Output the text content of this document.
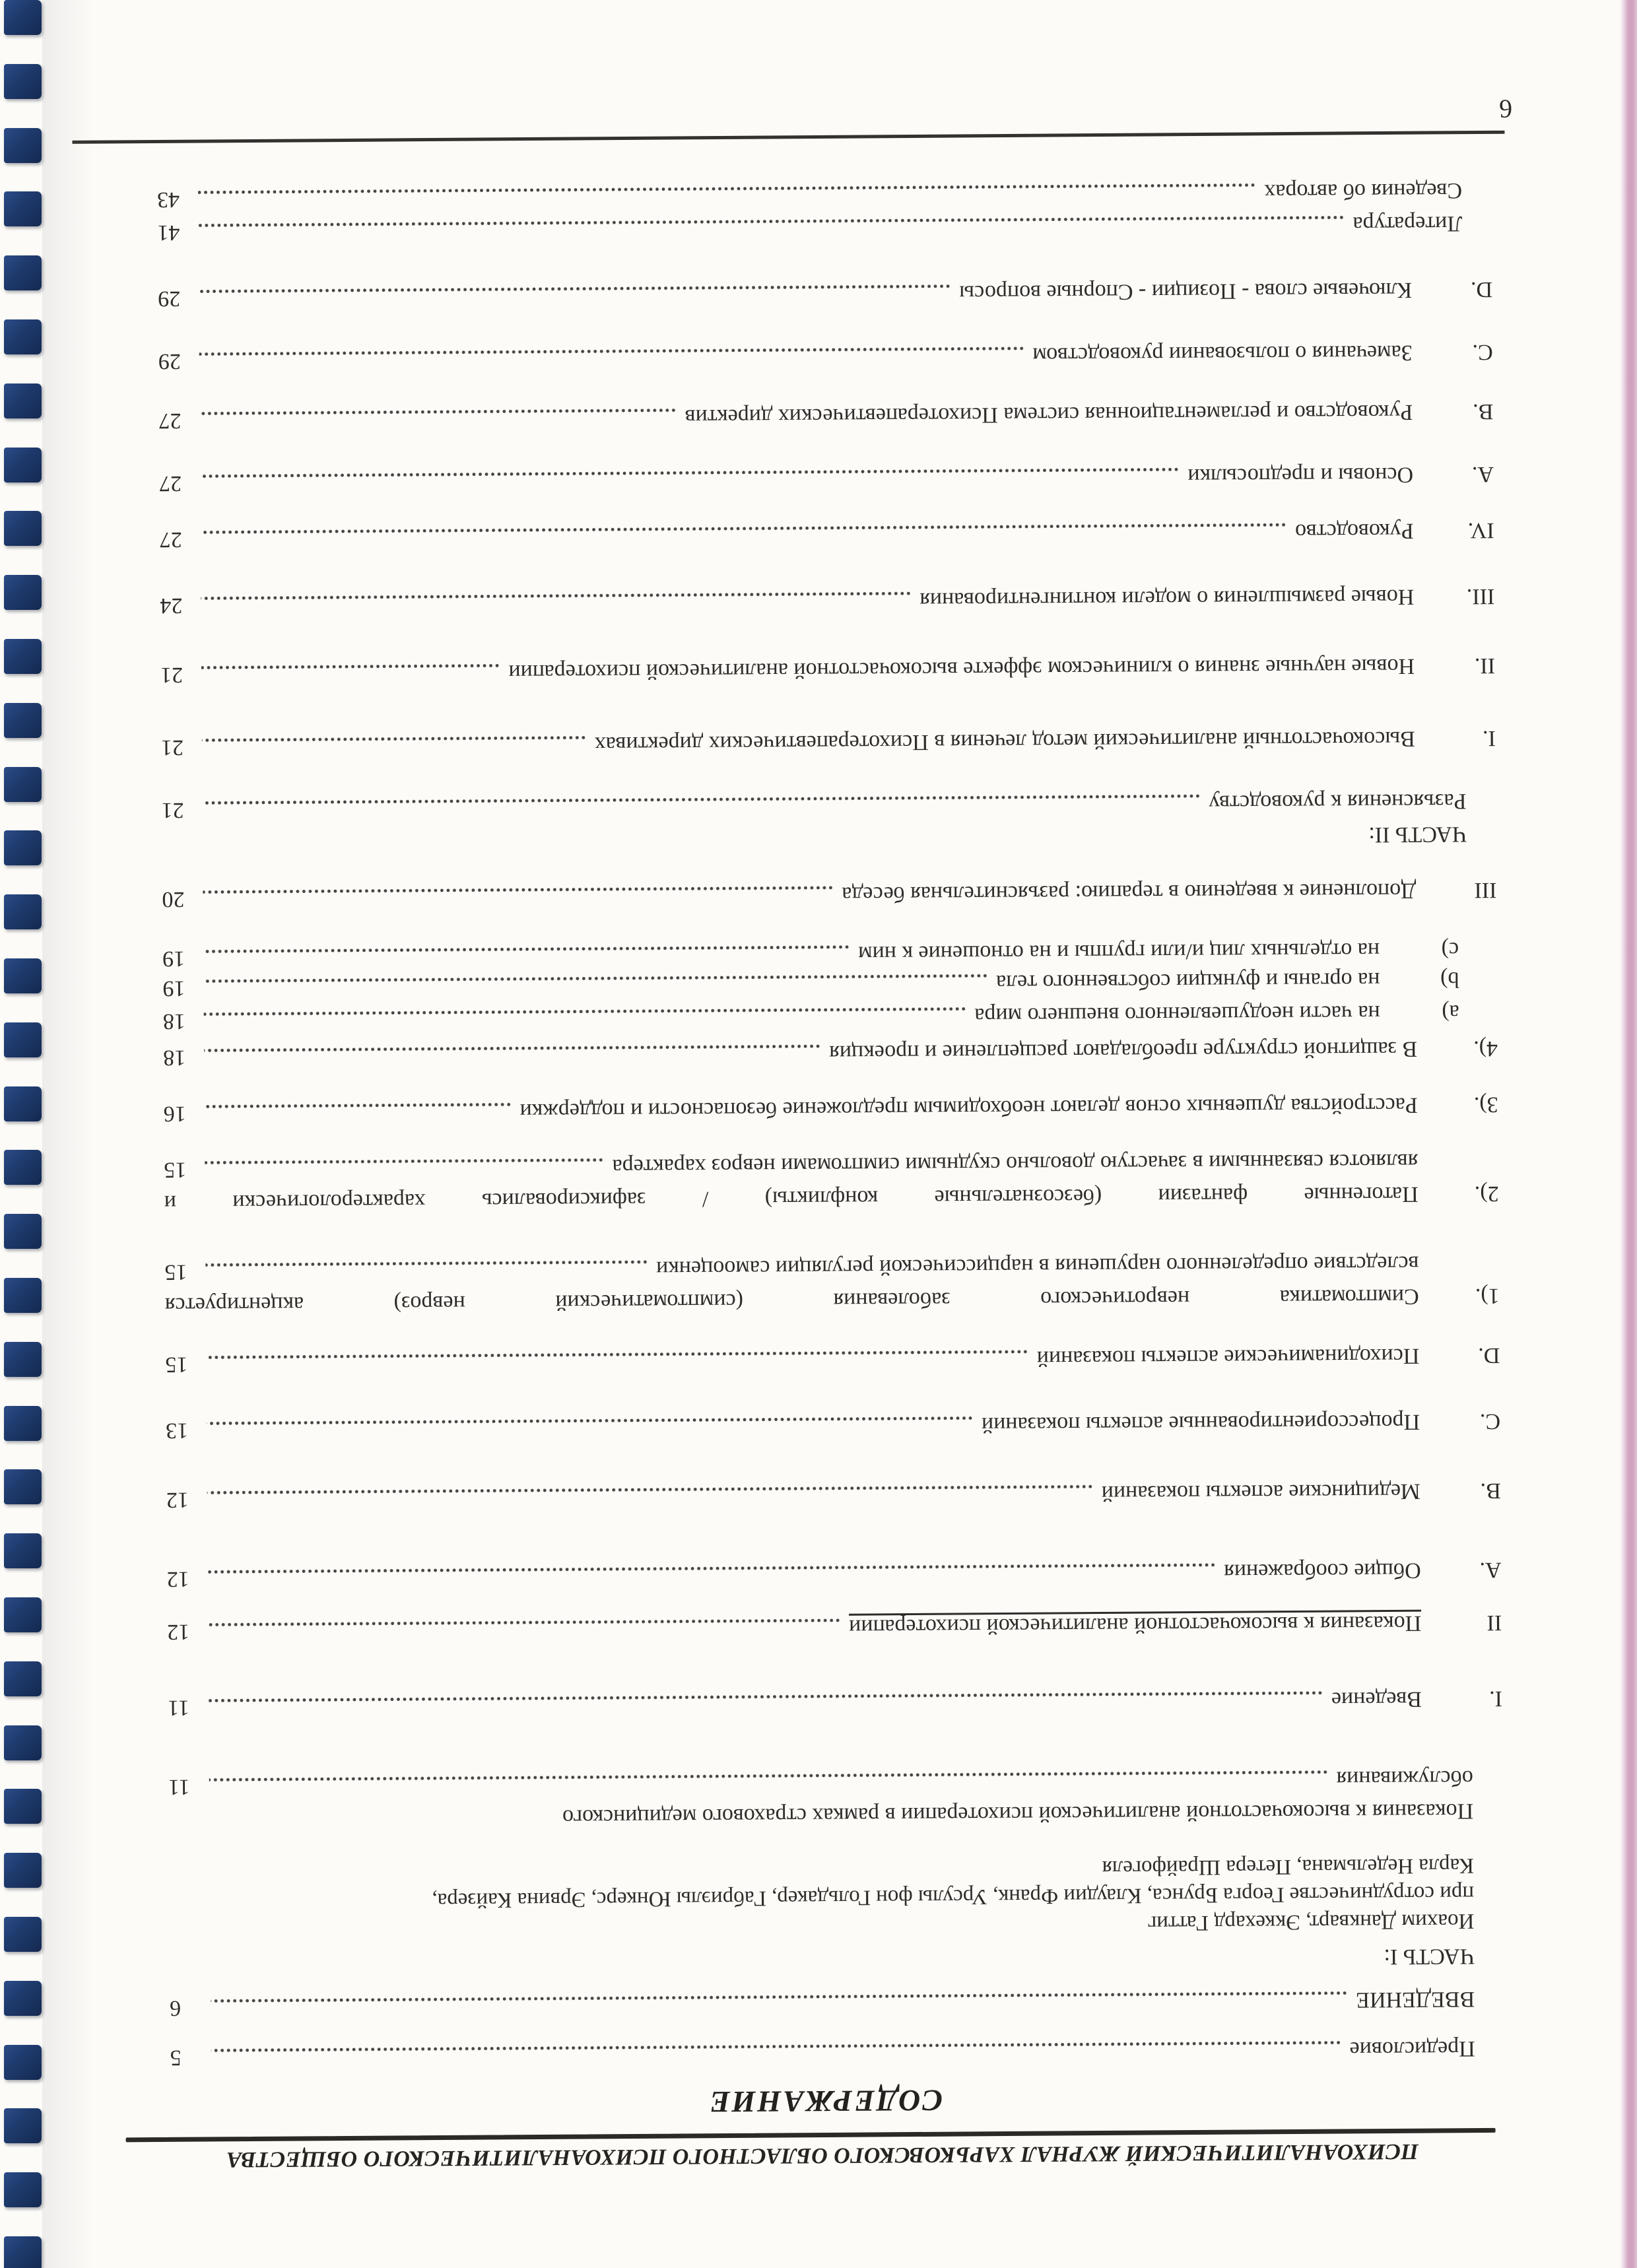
ПСИХОАНАЛИТИЧЕСКИЙ ЖУРНАЛ ХАРЬКОВСКОГО ОБЛАСТНОГО ПСИХОАНАЛИТИЧЕСКОГО ОБЩЕСТВА
СОДЕРЖАНИЕ
Предисловие
5
ВВЕДЕНИЕ
6
ЧАСТЬ I:
Иоахим Данкварт, Эккехард Гаттиг
при сотрудничестве Георга Брунса, Клаудии Франк, Урсулы фон Гольдакер, Габриэлы Юнкерс, Эрвина Кайзера,
Карла Недельмана, Петера Шрайфогеля
Показания к высокочастотной аналитической психотерапии в рамках страхового медицинского
обслуживания
11
I.
Введение
11
II
Показания к высокочастотной аналитической психотерапии
12
A.
Общие соображения
12
B.
Медицинские аспекты показаний
12
C.
Процессориентированные аспекты показаний
13
D.
Психодинамические аспекты показаний
15
1).
Симптоматика невротического заболевания (симптоматический невроз) акцентируется
вследствие определенного нарушения в нарциссической регуляции самооценки
15
2).
Патогенные фантазии (безсознательные конфликты) / зафиксировались характерологически и
являются связанными в зачастую довольно скудными симптомами невроз характера
15
3).
Расстройства душевных основ делают необходимым предложение безопасности и поддержки
16
4).
В защитной структуре преобладают расщепление и проекция
18
a)
на части неодушевленного внешнего мира
18
b)
на органы и функции собственного тела
19
c)
на отдельных лиц и/или группы и на отношение к ним
19
III
Дополнение к введению в терапию: разъяснительная беседа
20
ЧАСТЬ II:
Разъяснения к руководству
21
I.
Высокочастотный аналитический метод лечения в Психотерапевтических директивах
21
II.
Новые научные знания о клиническом эффекте высокочастотной аналитической психотерапии
21
III.
Новые размышления о модели контингентирования
24
IV.
Руководство
27
A.
Основы и предпосылки
27
B.
Руководство и регламентационная система Психотерапевтических директив
27
C.
Замечания о пользовании руководством
29
D.
Ключевые слова - Позиции - Спорные вопросы
29
Литература
41
Сведения об авторах
43
6
